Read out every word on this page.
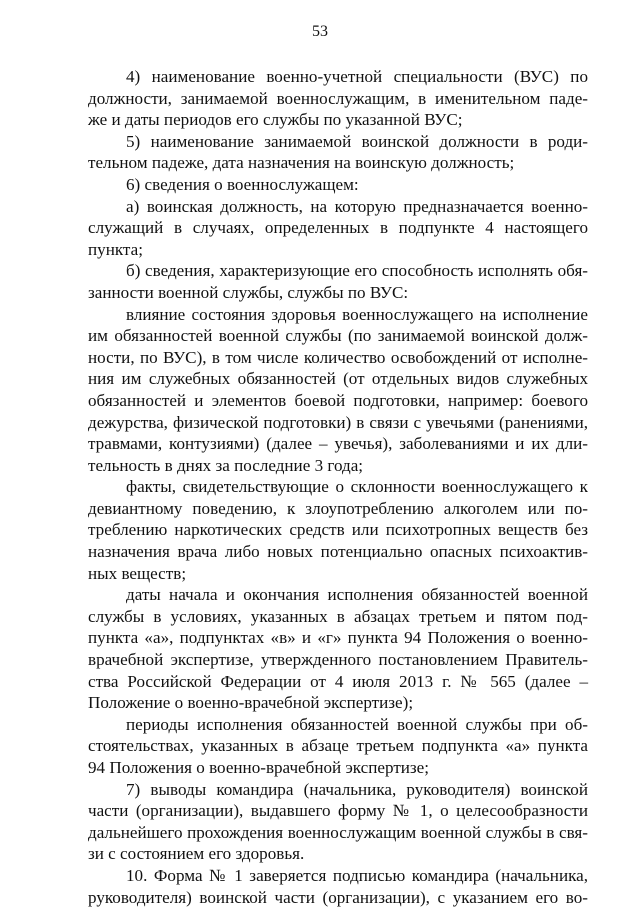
53
4) наименование военно-учетной специальности (ВУС) по
должности, занимаемой военнослужащим, в именительном паде-
же и даты периодов его службы по указанной ВУС;
5) наименование занимаемой воинской должности в роди-
тельном падеже, дата назначения на воинскую должность;
6) сведения о военнослужащем:
а) воинская должность, на которую предназначается военно-
служащий в случаях, определенных в подпункте 4 настоящего
пункта;
б) сведения, характеризующие его способность исполнять обя-
занности военной службы, службы по ВУС:
влияние состояния здоровья военнослужащего на исполнение
им обязанностей военной службы (по занимаемой воинской долж-
ности, по ВУС), в том числе количество освобождений от исполне-
ния им служебных обязанностей (от отдельных видов служебных
обязанностей и элементов боевой подготовки, например: боевого
дежурства, физической подготовки) в связи с увечьями (ранениями,
травмами, контузиями) (далее – увечья), заболеваниями и их дли-
тельность в днях за последние 3 года;
факты, свидетельствующие о склонности военнослужащего к
девиантному поведению, к злоупотреблению алкоголем или по-
треблению наркотических средств или психотропных веществ без
назначения врача либо новых потенциально опасных психоактив-
ных веществ;
даты начала и окончания исполнения обязанностей военной
службы в условиях, указанных в абзацах третьем и пятом под-
пункта «а», подпунктах «в» и «г» пункта 94 Положения о военно-
врачебной экспертизе, утвержденного постановлением Правитель-
ства Российской Федерации от 4 июля 2013 г. № 565 (далее –
Положение о военно-врачебной экспертизе);
периоды исполнения обязанностей военной службы при об-
стоятельствах, указанных в абзаце третьем подпункта «а» пункта
94 Положения о военно-врачебной экспертизе;
7) выводы командира (начальника, руководителя) воинской
части (организации), выдавшего форму № 1, о целесообразности
дальнейшего прохождения военнослужащим военной службы в свя-
зи с состоянием его здоровья.
10. Форма № 1 заверяется подписью командира (начальника,
руководителя) воинской части (организации), с указанием его во-
